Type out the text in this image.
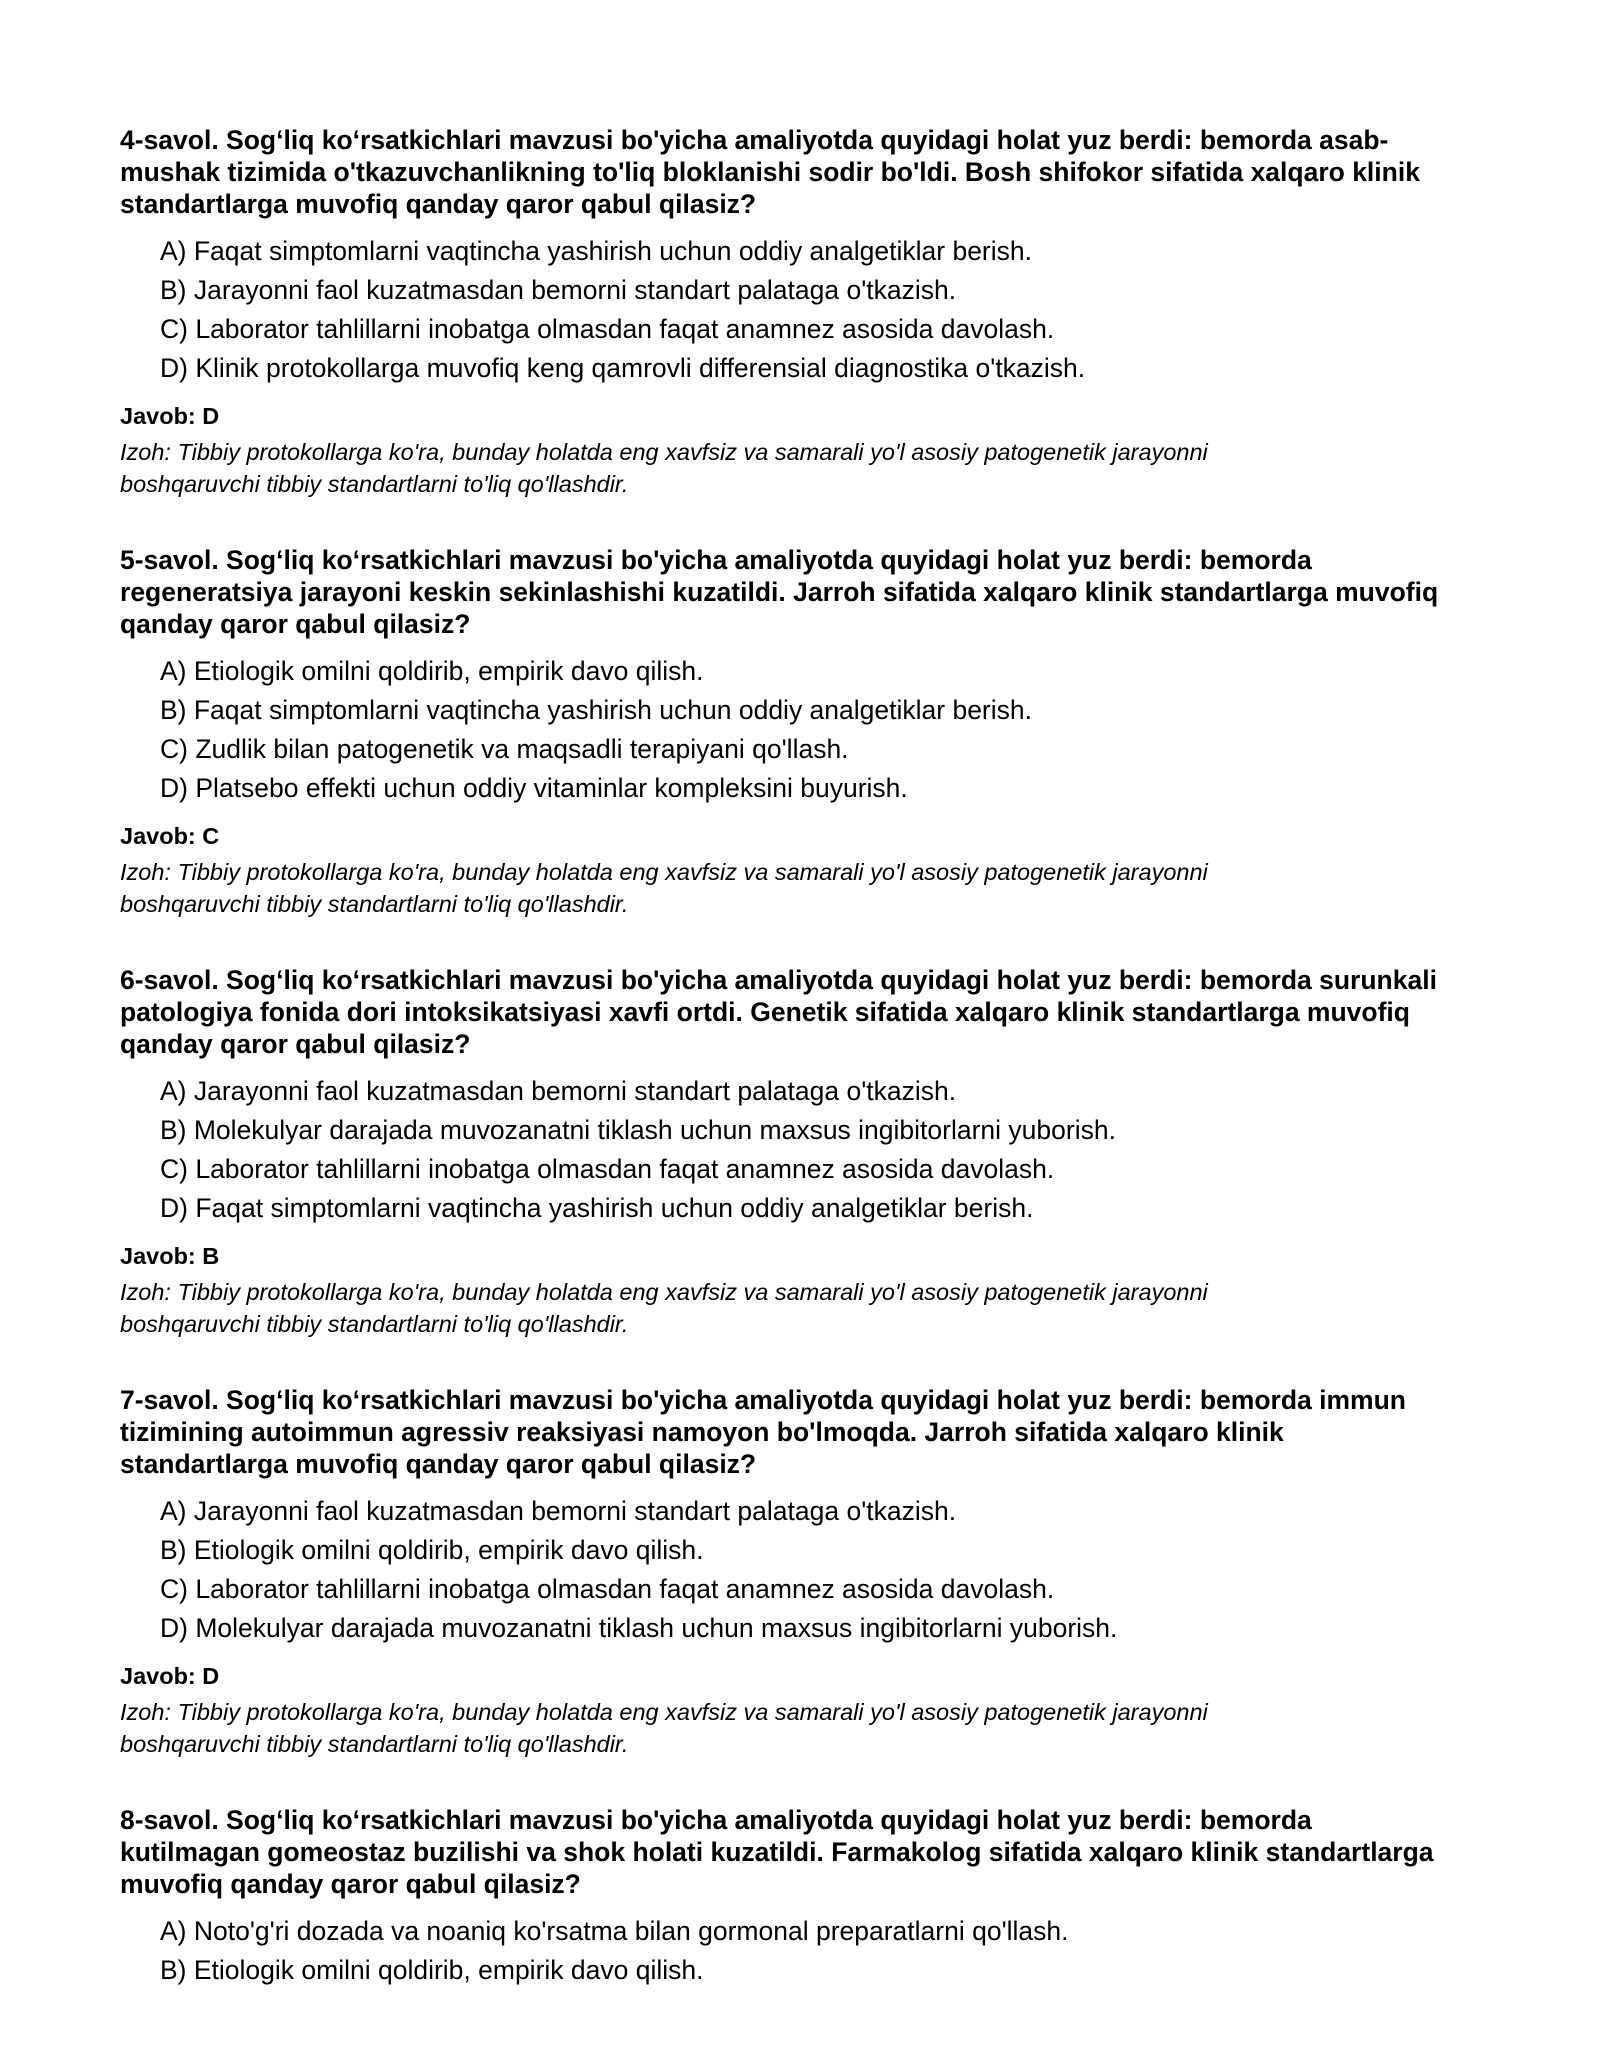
4-savol. Sog‘liq ko‘rsatkichlari mavzusi bo'yicha amaliyotda quyidagi holat yuz berdi: bemorda asab-mushak tizimida o'tkazuvchanlikning to'liq bloklanishi sodir bo'ldi. Bosh shifokor sifatida xalqaro klinik standartlarga muvofiq qanday qaror qabul qilasiz?

A) Faqat simptomlarni vaqtincha yashirish uchun oddiy analgetiklar berish.
B) Jarayonni faol kuzatmasdan bemorni standart palataga o'tkazish.
C) Laborator tahlillarni inobatga olmasdan faqat anamnez asosida davolash.
D) Klinik protokollarga muvofiq keng qamrovli differensial diagnostika o'tkazish.

Javob: D

Izoh: Tibbiy protokollarga ko'ra, bunday holatda eng xavfsiz va samarali yo'l asosiy patogenetik jarayonni boshqaruvchi tibbiy standartlarni to'liq qo'llashdir.

5-savol. Sog‘liq ko‘rsatkichlari mavzusi bo'yicha amaliyotda quyidagi holat yuz berdi: bemorda regeneratsiya jarayoni keskin sekinlashishi kuzatildi. Jarroh sifatida xalqaro klinik standartlarga muvofiq qanday qaror qabul qilasiz?

A) Etiologik omilni qoldirib, empirik davo qilish.
B) Faqat simptomlarni vaqtincha yashirish uchun oddiy analgetiklar berish.
C) Zudlik bilan patogenetik va maqsadli terapiyani qo'llash.
D) Platsebo effekti uchun oddiy vitaminlar kompleksini buyurish.

Javob: C

Izoh: Tibbiy protokollarga ko'ra, bunday holatda eng xavfsiz va samarali yo'l asosiy patogenetik jarayonni boshqaruvchi tibbiy standartlarni to'liq qo'llashdir.

6-savol. Sog‘liq ko‘rsatkichlari mavzusi bo'yicha amaliyotda quyidagi holat yuz berdi: bemorda surunkali patologiya fonida dori intoksikatsiyasi xavfi ortdi. Genetik sifatida xalqaro klinik standartlarga muvofiq qanday qaror qabul qilasiz?

A) Jarayonni faol kuzatmasdan bemorni standart palataga o'tkazish.
B) Molekulyar darajada muvozanatni tiklash uchun maxsus ingibitorlarni yuborish.
C) Laborator tahlillarni inobatga olmasdan faqat anamnez asosida davolash.
D) Faqat simptomlarni vaqtincha yashirish uchun oddiy analgetiklar berish.

Javob: B

Izoh: Tibbiy protokollarga ko'ra, bunday holatda eng xavfsiz va samarali yo'l asosiy patogenetik jarayonni boshqaruvchi tibbiy standartlarni to'liq qo'llashdir.

7-savol. Sog‘liq ko‘rsatkichlari mavzusi bo'yicha amaliyotda quyidagi holat yuz berdi: bemorda immun tizimining autoimmun agressiv reaksiyasi namoyon bo'lmoqda. Jarroh sifatida xalqaro klinik standartlarga muvofiq qanday qaror qabul qilasiz?

A) Jarayonni faol kuzatmasdan bemorni standart palataga o'tkazish.
B) Etiologik omilni qoldirib, empirik davo qilish.
C) Laborator tahlillarni inobatga olmasdan faqat anamnez asosida davolash.
D) Molekulyar darajada muvozanatni tiklash uchun maxsus ingibitorlarni yuborish.

Javob: D

Izoh: Tibbiy protokollarga ko'ra, bunday holatda eng xavfsiz va samarali yo'l asosiy patogenetik jarayonni boshqaruvchi tibbiy standartlarni to'liq qo'llashdir.

8-savol. Sog‘liq ko‘rsatkichlari mavzusi bo'yicha amaliyotda quyidagi holat yuz berdi: bemorda kutilmagan gomeostaz buzilishi va shok holati kuzatildi. Farmakolog sifatida xalqaro klinik standartlarga muvofiq qanday qaror qabul qilasiz?

A) Noto'g'ri dozada va noaniq ko'rsatma bilan gormonal preparatlarni qo'llash.
B) Etiologik omilni qoldirib, empirik davo qilish.
